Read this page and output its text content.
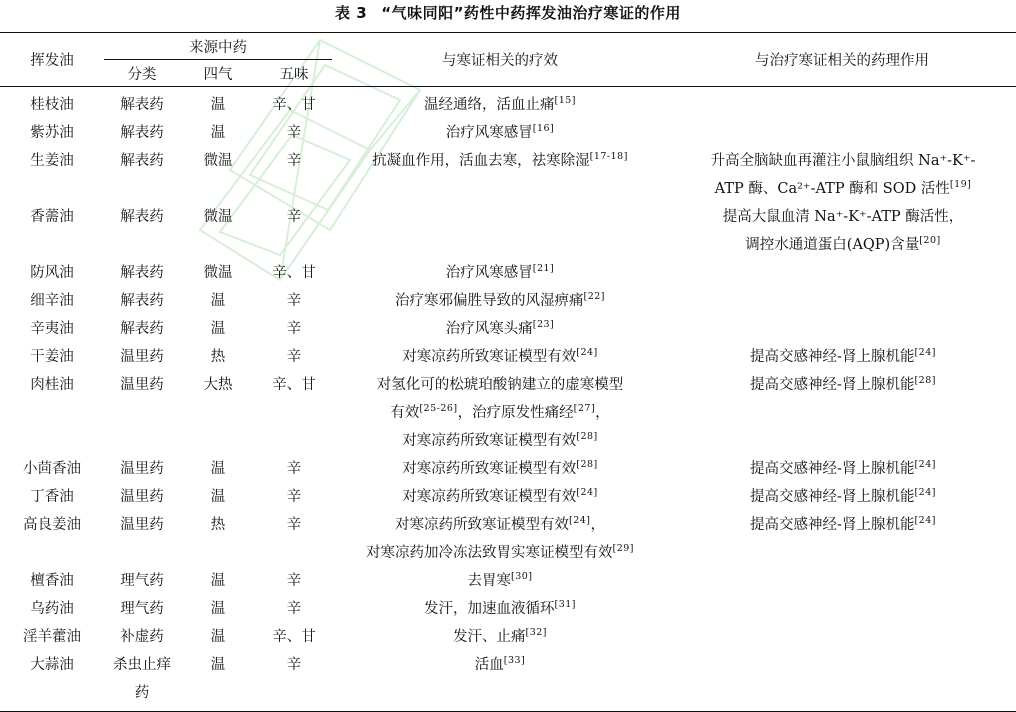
表 3 “气味同阳”药性中药挥发油治疗寒证的作用
挥发油	来源中药			与寒证相关的疗效	与治疗寒证相关的药理作用
	分类	四气	五味		
桂枝油	解表药	温	辛、甘	温经通络，活血止痛[15]

紫苏油	解表药	温	辛	治疗风寒感冒[16]

生姜油	解表药	微温	辛	抗凝血作用，活血去寒，祛寒除湿[17-18]	升高全脑缺血再灌注小鼠脑组织 Na⁺-K⁺-
ATP 酶、Ca²⁺-ATP 酶和 SOD 活性[19]

香薷油	解表药	微温	辛		提高大鼠血清 Na⁺-K⁺-ATP 酶活性，
调控水通道蛋白(AQP)含量[20]

防风油	解表药	微温	辛、甘	治疗风寒感冒[21]

细辛油	解表药	温	辛	治疗寒邪偏胜导致的风湿痹痛[22]

辛夷油	解表药	温	辛	治疗风寒头痛[23]

干姜油	温里药	热	辛	对寒凉药所致寒证模型有效[24]	提高交感神经-肾上腺机能[24]

肉桂油	温里药	大热	辛、甘	对氢化可的松琥珀酸钠建立的虚寒模型
有效[25-26]，治疗原发性痛经[27]，
对寒凉药所致寒证模型有效[28]	提高交感神经-肾上腺机能[28]

小茴香油	温里药	温	辛	对寒凉药所致寒证模型有效[28]	提高交感神经-肾上腺机能[24]

丁香油	温里药	温	辛	对寒凉药所致寒证模型有效[24]	提高交感神经-肾上腺机能[24]

高良姜油	温里药	热	辛	对寒凉药所致寒证模型有效[24]，
对寒凉药加冷冻法致胃实寒证模型有效[29]	提高交感神经-肾上腺机能[24]

檀香油	理气药	温	辛	去胃寒[30]

乌药油	理气药	温	辛	发汗，加速血液循环[31]

淫羊藿油	补虚药	温	辛、甘	发汗、止痛[32]

大蒜油	杀虫止痒药	温	辛	活血[33]
